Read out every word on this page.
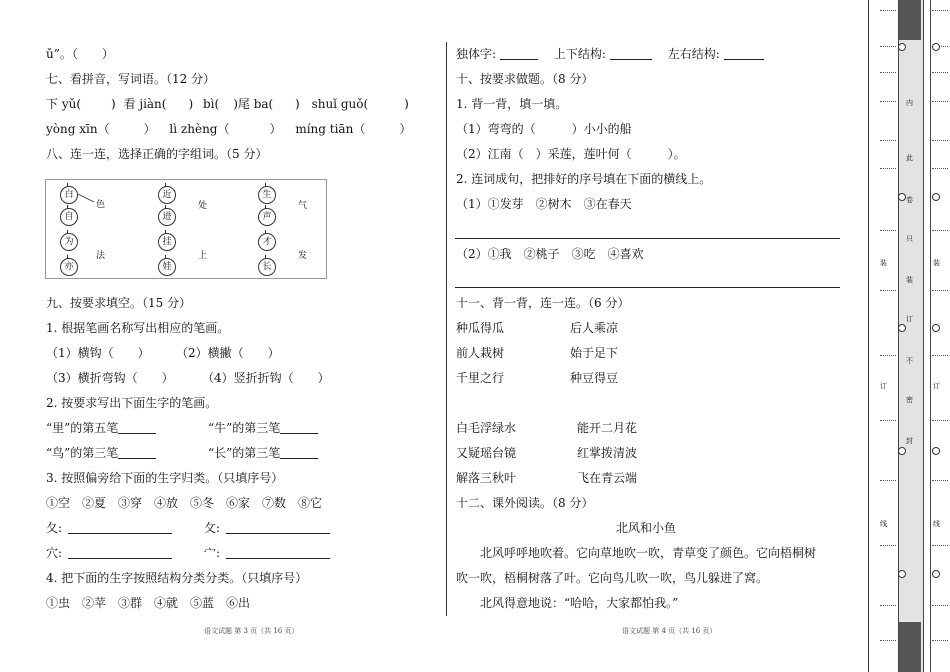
ǔ”。（　　）
七、看拼音，写词语。（12 分）
下 yǔ(	) 看 jiàn( ) bì( )尾 ba( ) shuǐ guǒ(	)
yòng xīn（	） lì zhèng（	） míng tiān（	）
八、连一连，选择正确的字组词。（5 分）
白
自
为
亦
近
进
挂
娃
生
声
才
长
色	处	气
法	上	发
九、按要求填空。（15 分）
1. 根据笔画名称写出相应的笔画。
（1）横钩（　　） （2）横撇（　　）
（3）横折弯钩（　　） （4）竖折折钩（　　）
2. 按要求写出下面生字的笔画。
“里”的第五笔	“牛”的第三笔
“鸟”的第三笔	“长”的第三笔
3. 按照偏旁给下面的生字归类。（只填序号）
①空　②夏　③穿　④放　⑤冬　⑥家　⑦数　⑧它
夂:	攵:
穴:	宀:
4. 把下面的生字按照结构分类分类。（只填序号）
①虫　②苹　③群　④就　⑤蓝　⑥出
语文试题 第 3 页（共 16 页）
独体字:	上下结构:	左右结构:
十、按要求做题。（8 分）
1. 背一背，填一填。
（1）弯弯的（　　　）小小的船
（2）江南（　）采莲，莲叶何（　　　）。
2. 连词成句，把排好的序号填在下面的横线上。
（1）①发芽　②树木　③在春天
（2）①我　②桃子　③吃　④喜欢
十一、背一背，连一连。（6 分）
种瓜得瓜	后人乘凉
前人栽树	始于足下
千里之行	种豆得豆
白毛浮绿水	能开二月花
又疑瑶台镜	红掌拨清波
解落三秋叶	飞在青云端
十二、课外阅读。（8 分）
北风和小鱼
北风呼呼地吹着。它向草地吹一吹，青草变了颜色。它向梧桐树
吹一吹，梧桐树落了叶。它向鸟儿吹一吹，鸟儿躲进了窝。
北风得意地说：“哈哈，大家都怕我。”
语文试题 第 4 页（共 16 页）
内
此
卷
只
装
订
不
密
封
装
订
线
装
订
线
